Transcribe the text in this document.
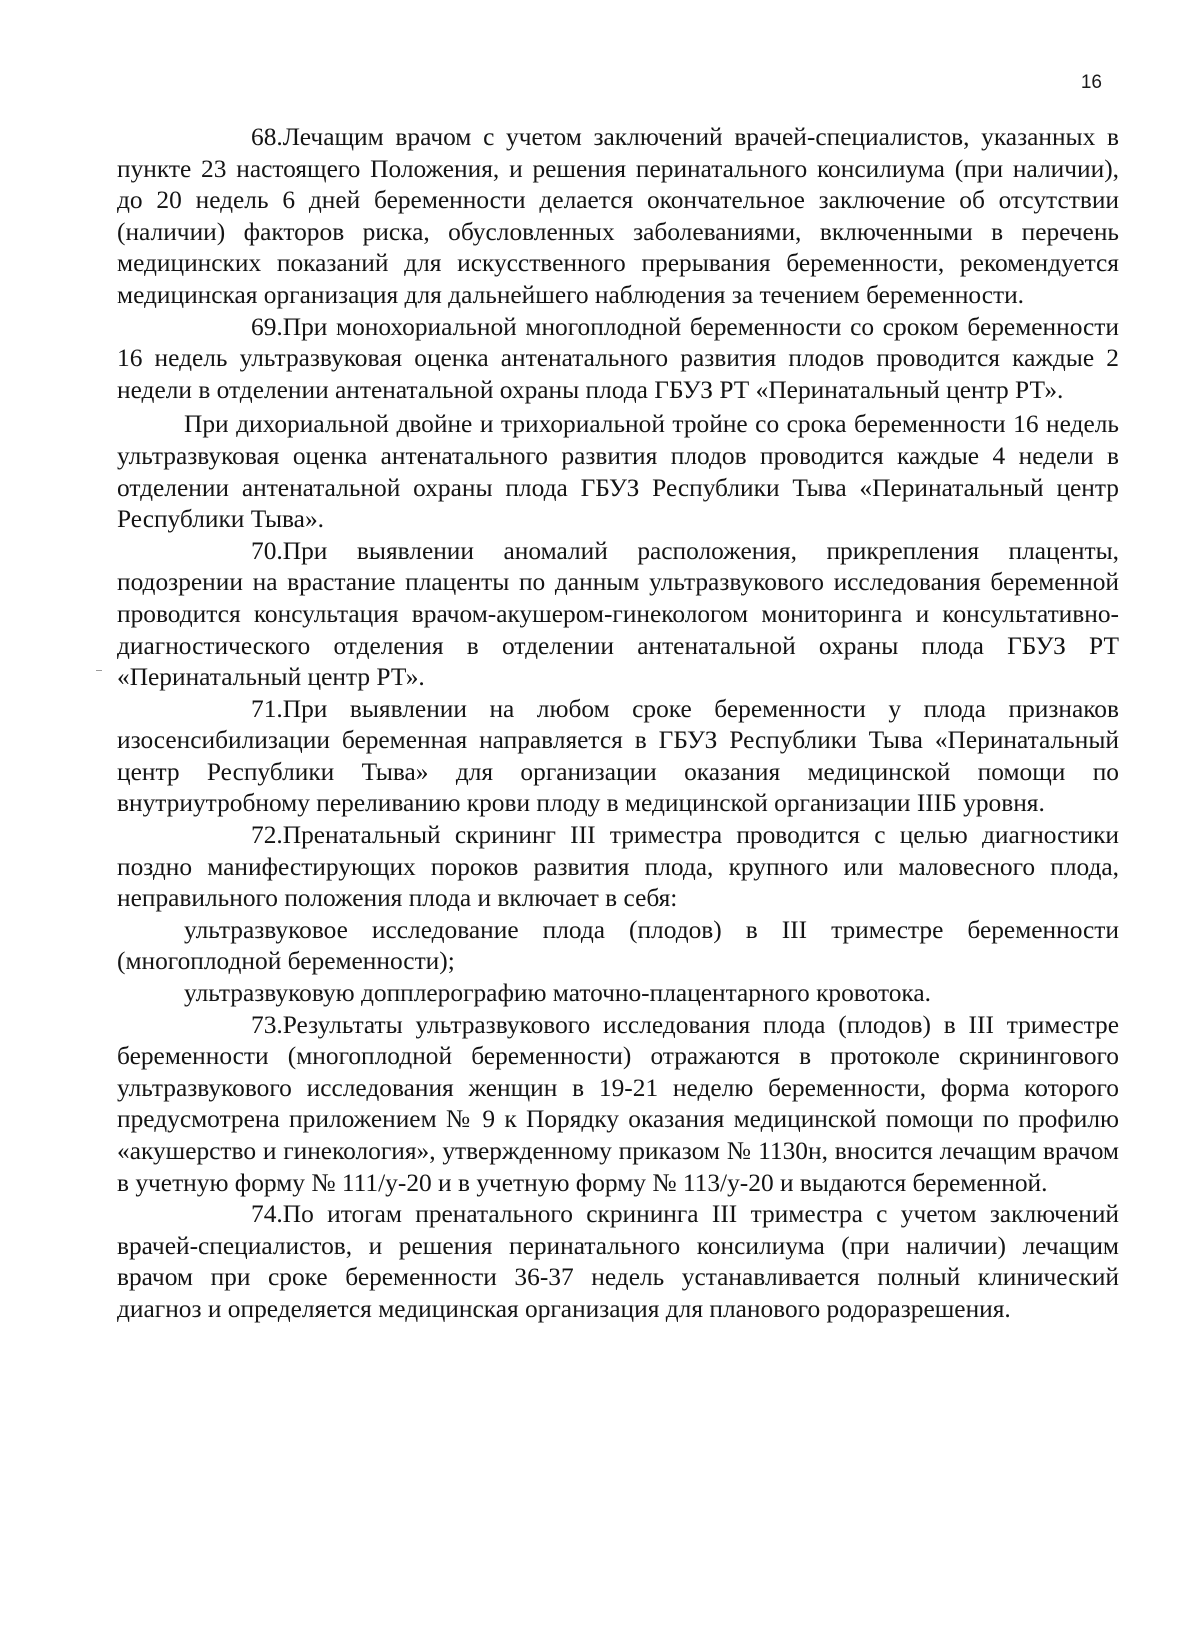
16

68.Лечащим врачом с учетом заключений врачей-специалистов, указанных в пункте 23 настоящего Положения, и решения перинатального консилиума (при наличии), до 20 недель 6 дней беременности делается окончательное заключение об отсутствии (наличии) факторов риска, обусловленных заболеваниями, включенными в перечень медицинских показаний для искусственного прерывания беременности, рекомендуется медицинская организация для дальнейшего наблюдения за течением беременности.

69.При монохориальной многоплодной беременности со сроком беременности 16 недель ультразвуковая оценка антенатального развития плодов проводится каждые 2 недели в отделении антенатальной охраны плода ГБУЗ РТ «Перинатальный центр РТ».

При дихориальной двойне и трихориальной тройне со срока беременности 16 недель ультразвуковая оценка антенатального развития плодов проводится каждые 4 недели в отделении антенатальной охраны плода ГБУЗ Республики Тыва «Перинатальный центр Республики Тыва».

70.При выявлении аномалий расположения, прикрепления плаценты, подозрении на врастание плаценты по данным ультразвукового исследования беременной проводится консультация врачом-акушером-гинекологом мониторинга и консультативно-диагностического отделения в отделении антенатальной охраны плода ГБУЗ РТ «Перинатальный центр РТ».

71.При выявлении на любом сроке беременности у плода признаков изосенсибилизации беременная направляется в ГБУЗ Республики Тыва «Перинатальный центр Республики Тыва» для организации оказания медицинской помощи по внутриутробному переливанию крови плоду в медицинской организации IIIБ уровня.

72.Пренатальный скрининг III триместра проводится с целью диагностики поздно манифестирующих пороков развития плода, крупного или маловесного плода, неправильного положения плода и включает в себя:

ультразвуковое исследование плода (плодов) в III триместре беременности (многоплодной беременности);

ультразвуковую допплерографию маточно-плацентарного кровотока.

73.Результаты ультразвукового исследования плода (плодов) в III триместре беременности (многоплодной беременности) отражаются в протоколе скринингового ультразвукового исследования женщин в 19-21 неделю беременности, форма которого предусмотрена приложением № 9 к Порядку оказания медицинской помощи по профилю «акушерство и гинекология», утвержденному приказом № 1130н, вносится лечащим врачом в учетную форму № 111/у-20 и в учетную форму № 113/у-20 и выдаются беременной.

74.По итогам пренатального скрининга III триместра с учетом заключений врачей-специалистов, и решения перинатального консилиума (при наличии) лечащим врачом при сроке беременности 36-37 недель устанавливается полный клинический диагноз и определяется медицинская организация для планового родоразрешения.
